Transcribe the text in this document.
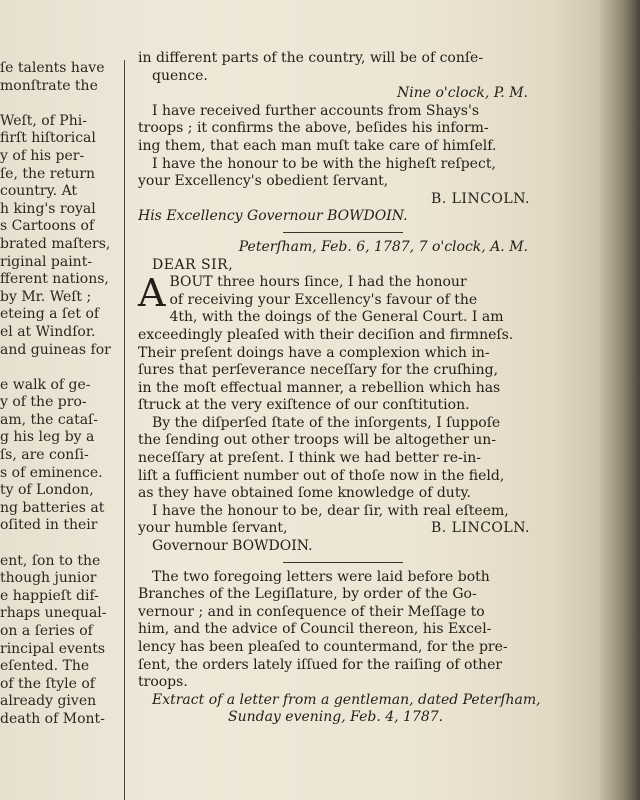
ſe talents have
monſtrate the
Weſt, of Phi-
firſt hiſtorical
y of his per-
ſe, the return
country. At
h king's royal
s Cartoons of
brated maſters,
riginal paint-
fferent nations,
by Mr. Weſt ;
eteing a ſet of
el at Windſor.
and guineas for
e walk of ge-
y of the pro-
am, the cataſ-
g his leg by a
ſs, are conſi-
s of eminence.
ty of London,
ng batteries at
oſited in their
ent, ſon to the
though junior
e happieſt dif-
rhaps unequal-
on a ſeries of
rincipal events
eſented. The
of the ſtyle of
already given
death of Mont-
in different parts of the country, will be of conſe-
quence.
Nine o'clock, P. M.
I have received further accounts from Shays's
troops ; it confirms the above, beſides his inform-
ing them, that each man muſt take care of himſelf.
I have the honour to be with the higheſt reſpect,
your Excellency's obedient ſervant,
B. LINCOLN.
His Excellency Governour BOWDOIN.
Peterſham, Feb. 6, 1787, 7 o'clock, A. M.
DEAR SIR,
A BOUT three hours ſince, I had the honour
of receiving your Excellency's favour of the
4th, with the doings of the General Court. I am
exceedingly pleaſed with their deciſion and firmneſs.
Their preſent doings have a complexion which in-
ſures that perſeverance neceſſary for the cruſhing,
in the moſt effectual manner, a rebellion which has
ſtruck at the very exiſtence of our conſtitution.
By the diſperſed ſtate of the inſorgents, I ſuppoſe
the ſending out other troops will be altogether un-
neceſſary at preſent. I think we had better re-in-
liſt a ſufficient number out of thoſe now in the field,
as they have obtained ſome knowledge of duty.
I have the honour to be, dear ſir, with real eſteem,
your humble ſervant,	B. LINCOLN.
Governour BOWDOIN.
The two foregoing letters were laid before both
Branches of the Legiſlature, by order of the Go-
vernour ; and in conſequence of their Meſſage to
him, and the advice of Council thereon, his Excel-
lency has been pleaſed to countermand, for the pre-
ſent, the orders lately iſſued for the raiſing of other
troops.
Extract of a letter from a gentleman, dated Peterſham,
Sunday evening, Feb. 4, 1787.
